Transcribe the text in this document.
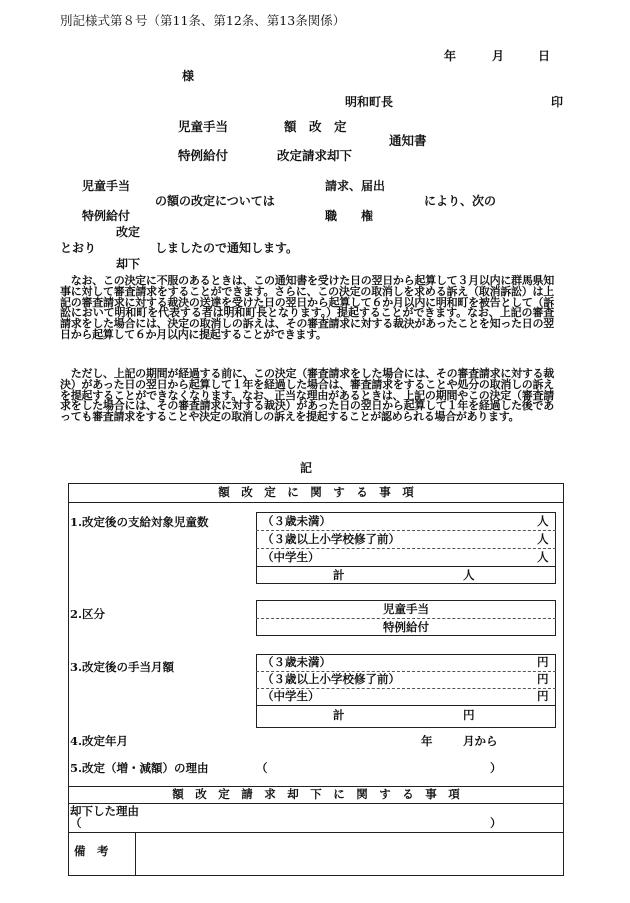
別記様式第８号（第11条、第12条、第13条関係）
年	月	日
様
明和町長	印
児童手当	額　改　定
通知書
特例給付	改定請求却下
児童手当	請求、届出
の額の改定については	により、次の
特例給付	職　　権
改定
とおり	しましたので通知します。
却下
　なお、この決定に不服のあるときは、この通知書を受けた日の翌日から起算して３月以内に群馬県知事に対して審査請求をすることができます。さらに、この決定の取消しを求める訴え（取消訴訟）は上記の審査請求に対する裁決の送達を受けた日の翌日から起算して６か月以内に明和町を被告として（訴訟において明和町を代表する者は明和町長となります。）提起することができます。なお、上記の審査請求をした場合には、決定の取消しの訴えは、その審査請求に対する裁決があったことを知った日の翌日から起算して６か月以内に提起することができます。
　ただし、上記の期間が経過する前に、この決定（審査請求をした場合には、その審査請求に対する裁決）があった日の翌日から起算して１年を経過した場合は、審査請求をすることや処分の取消しの訴えを提起することができなくなります。なお、正当な理由があるときは、上記の期間やこの決定（審査請求をした場合には、その審査請求に対する裁決）があった日の翌日から起算して１年を経過した後であっても審査請求をすることや決定の取消しの訴えを提起することが認められる場合があります。
記
額　改　定　に　関　す　る　事　項
1.改定後の支給対象児童数	（３歳未満）	人
（３歳以上小学校修了前）	人
（中学生）	人
計	人
2.区分	児童手当
特例給付
3.改定後の手当月額	（３歳未満）	円
（３歳以上小学校修了前）	円
（中学生）	円
計	円
4.改定年月	年	月から
5.改定（増・減額）の理由	（	）
額　改　定　請　求　却　下　に　関　す　る　事　項
却下した理由
（	）
備　考
